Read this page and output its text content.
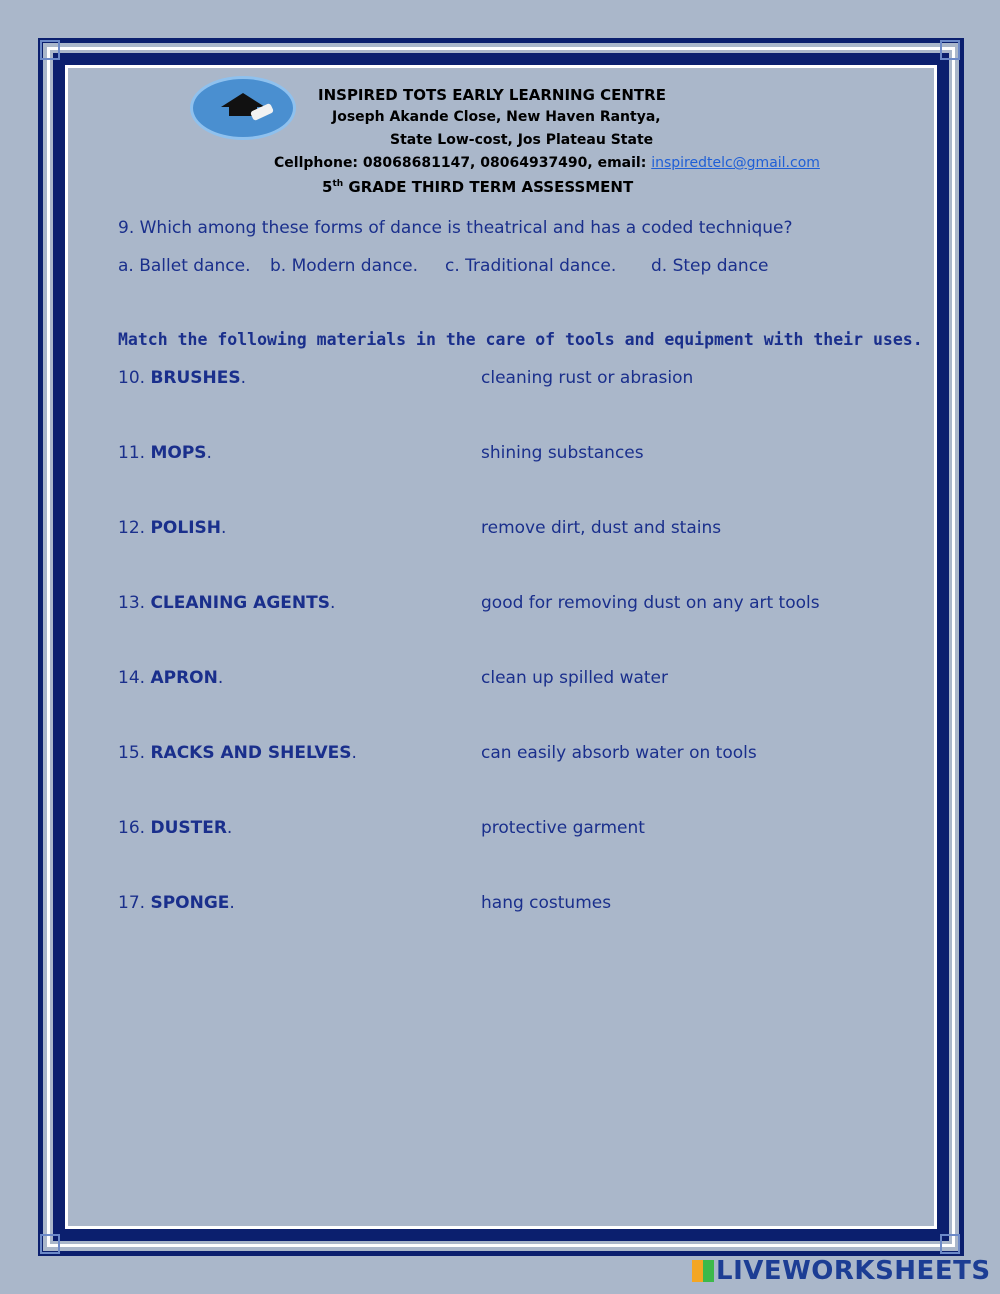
INSPIRED TOTS EARLY LEARNING CENTRE
Joseph Akande Close, New Haven Rantya,
State Low-cost, Jos Plateau State
Cellphone: 08068681147, 08064937490, email: inspiredtelc@gmail.com
5th GRADE THIRD TERM ASSESSMENT
9. Which among these forms of dance is theatrical and has a coded technique?
a. Ballet dance. b. Modern dance. c. Traditional dance. d. Step dance
Match the following materials in the care of tools and equipment with their uses.
10. BRUSHES.	cleaning rust or abrasion
11. MOPS.	shining substances
12. POLISH.	remove dirt, dust and stains
13. CLEANING AGENTS.	good for removing dust on any art tools
14. APRON.	clean up spilled water
15. RACKS AND SHELVES.	can easily absorb water on tools
16. DUSTER.	protective garment
17. SPONGE.	hang costumes
LIVEWORKSHEETS
